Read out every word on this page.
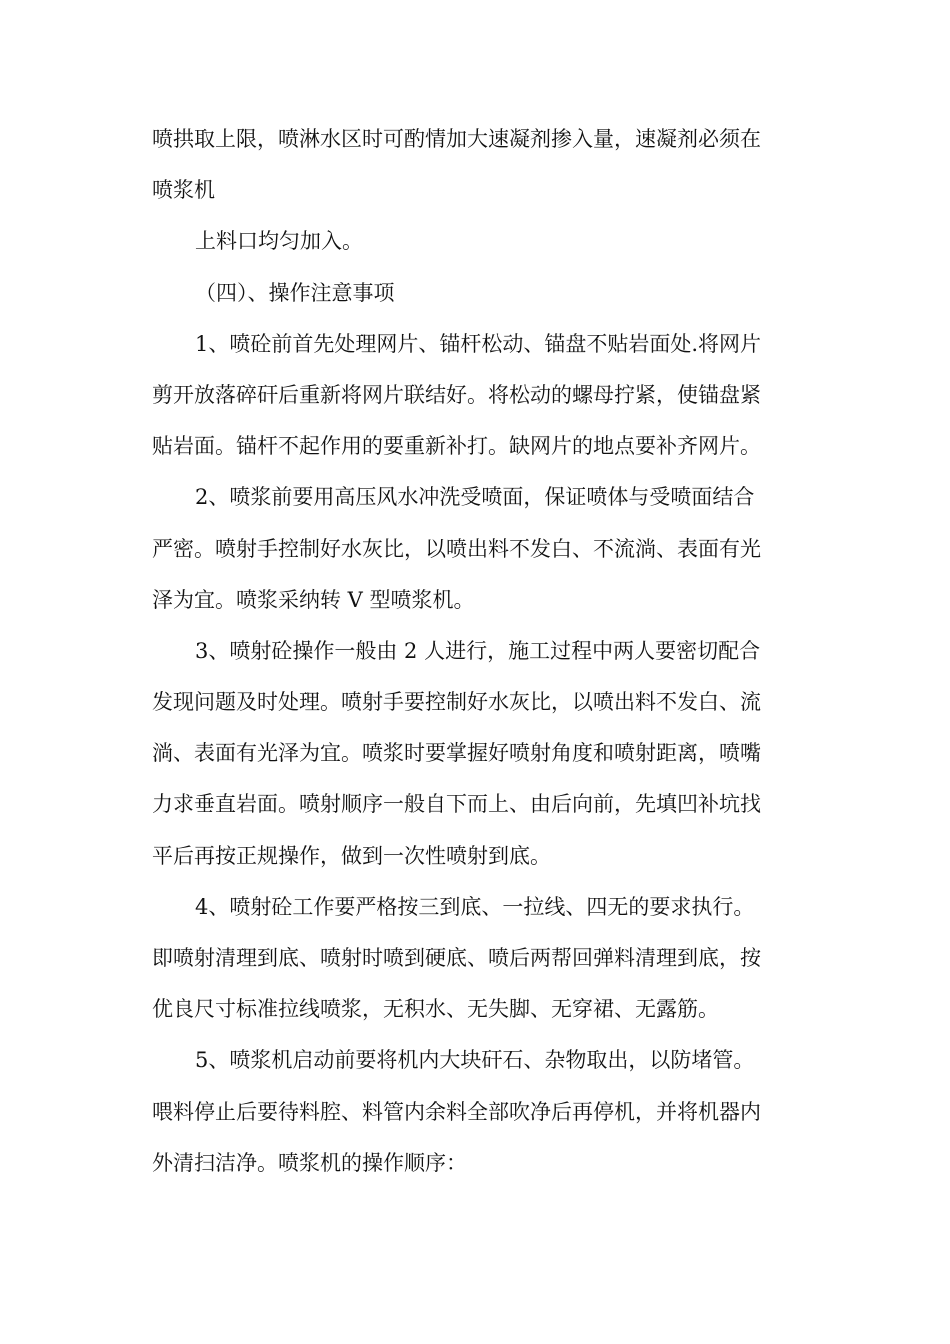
喷拱取上限，喷淋水区时可酌情加大速凝剂掺入量，速凝剂必须在
喷浆机
上料口均匀加入。
（四）、操作注意事项
1、喷砼前首先处理网片、锚杆松动、锚盘不贴岩面处.将网片
剪开放落碎矸后重新将网片联结好。将松动的螺母拧紧，使锚盘紧
贴岩面。锚杆不起作用的要重新补打。缺网片的地点要补齐网片。
2、喷浆前要用高压风水冲洗受喷面，保证喷体与受喷面结合
严密。喷射手控制好水灰比，以喷出料不发白、不流淌、表面有光
泽为宜。喷浆采纳转 V 型喷浆机。
3、喷射砼操作一般由 2 人进行，施工过程中两人要密切配合
发现问题及时处理。喷射手要控制好水灰比，以喷出料不发白、流
淌、表面有光泽为宜。喷浆时要掌握好喷射角度和喷射距离，喷嘴
力求垂直岩面。喷射顺序一般自下而上、由后向前，先填凹补坑找
平后再按正规操作，做到一次性喷射到底。
4、喷射砼工作要严格按三到底、一拉线、四无的要求执行。
即喷射清理到底、喷射时喷到硬底、喷后两帮回弹料清理到底，按
优良尺寸标准拉线喷浆，无积水、无失脚、无穿裙、无露筋。
5、喷浆机启动前要将机内大块矸石、杂物取出，以防堵管。
喂料停止后要待料腔、料管内余料全部吹净后再停机，并将机器内
外清扫洁净。喷浆机的操作顺序：
